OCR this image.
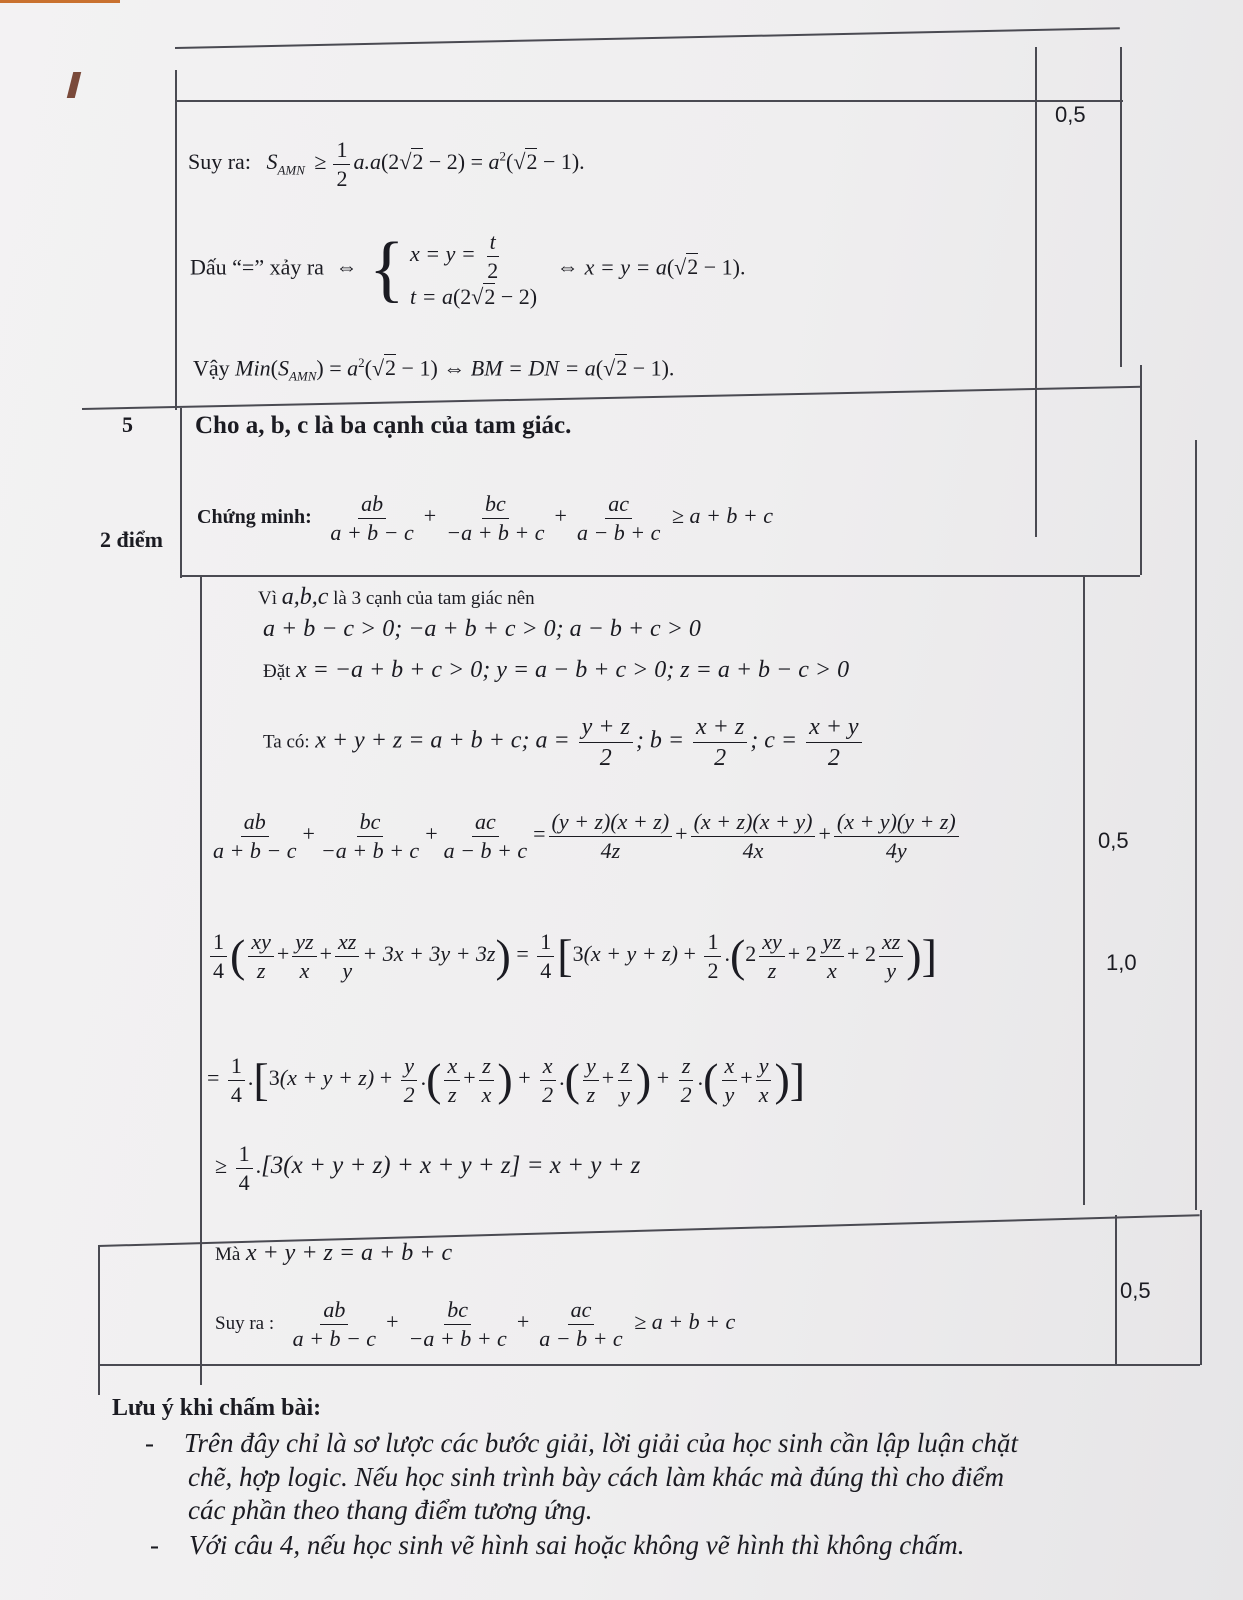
0,5
Suy ra: $S_{AMN} \ge \frac{1}{2} a.a(2√2 - 2) = a^2(√2 - 1)$.
Dấu “=” xảy ra ⇔ { $x = y = \frac{t}{2}$

t = a(2√2 − 2) ⇔ x = y = a(√2 − 1).
Vậy $Min(S_{AMN}) = a^2(√2 - 1)$ ⇔ BM = DN = a(√2 − 1).
5
2 điểm
Cho a, b, c là ba cạnh của tam giác.
Chứng minh: $\frac{ab}{a + b - c} + \frac{bc}{-a + b + c} + \frac{ac}{a - b + c} \ge a + b + c$
Vì a,b,c là 3 cạnh của tam giác nên
a + b − c > 0; −a + b + c > 0; a − b + c > 0
Đặt x = −a + b + c > 0; y = a − b + c > 0; z = a + b − c > 0
Ta có: x + y + z = a + b + c; $a = \frac{y + z}{2}$ ; $b = \frac{x + z}{2}$ ; $c = \frac{x + y}{2}$
$\frac{ab}{a + b - c} + \frac{bc}{-a + b + c} + \frac{ac}{a - b + c} = \frac{(y + z)(x + z)}{4z} + \frac{(x + z)(x + y)}{4x} + \frac{(x + y)(y + z)}{4y}$	0,5
$\frac{1}{4}$ ( $\frac{xy}{z} + \frac{yz}{x} + \frac{xz}{y} + 3x + 3y + 3z) = \frac{1}{4} [3(x + y + z) + \frac{1}{2} .(2 \frac{xy}{z} + 2 \frac{yz}{x} + 2 \frac{xz}{y}$ )]	1,0
= $\frac{1}{4} .[3(x + y + z) + \frac{y}{2}$ .( $\frac{x}{z} + \frac{z}{x}$ ) + $\frac{x}{2}$ .( $\frac{y}{z} + \frac{z}{y}$ ) + $\frac{z}{2}$ .( $\frac{x}{y} + \frac{y}{x}$ )]
≥ $\frac{1}{4} .[3(x + y + z) + x + y + z] = x + y + z$
Mà x + y + z = a + b + c
0,5
Suy ra : $\frac{ab}{a + b - c} + \frac{bc}{-a + b + c} + \frac{ac}{a - b + c} \ge a + b + c$
Lưu ý khi chấm bài:
- Trên đây chỉ là sơ lược các bước giải, lời giải của học sinh cần lập luận chặt
chẽ, hợp logic. Nếu học sinh trình bày cách làm khác mà đúng thì cho điểm
các phần theo thang điểm tương ứng.
- Với câu 4, nếu học sinh vẽ hình sai hoặc không vẽ hình thì không chấm.
